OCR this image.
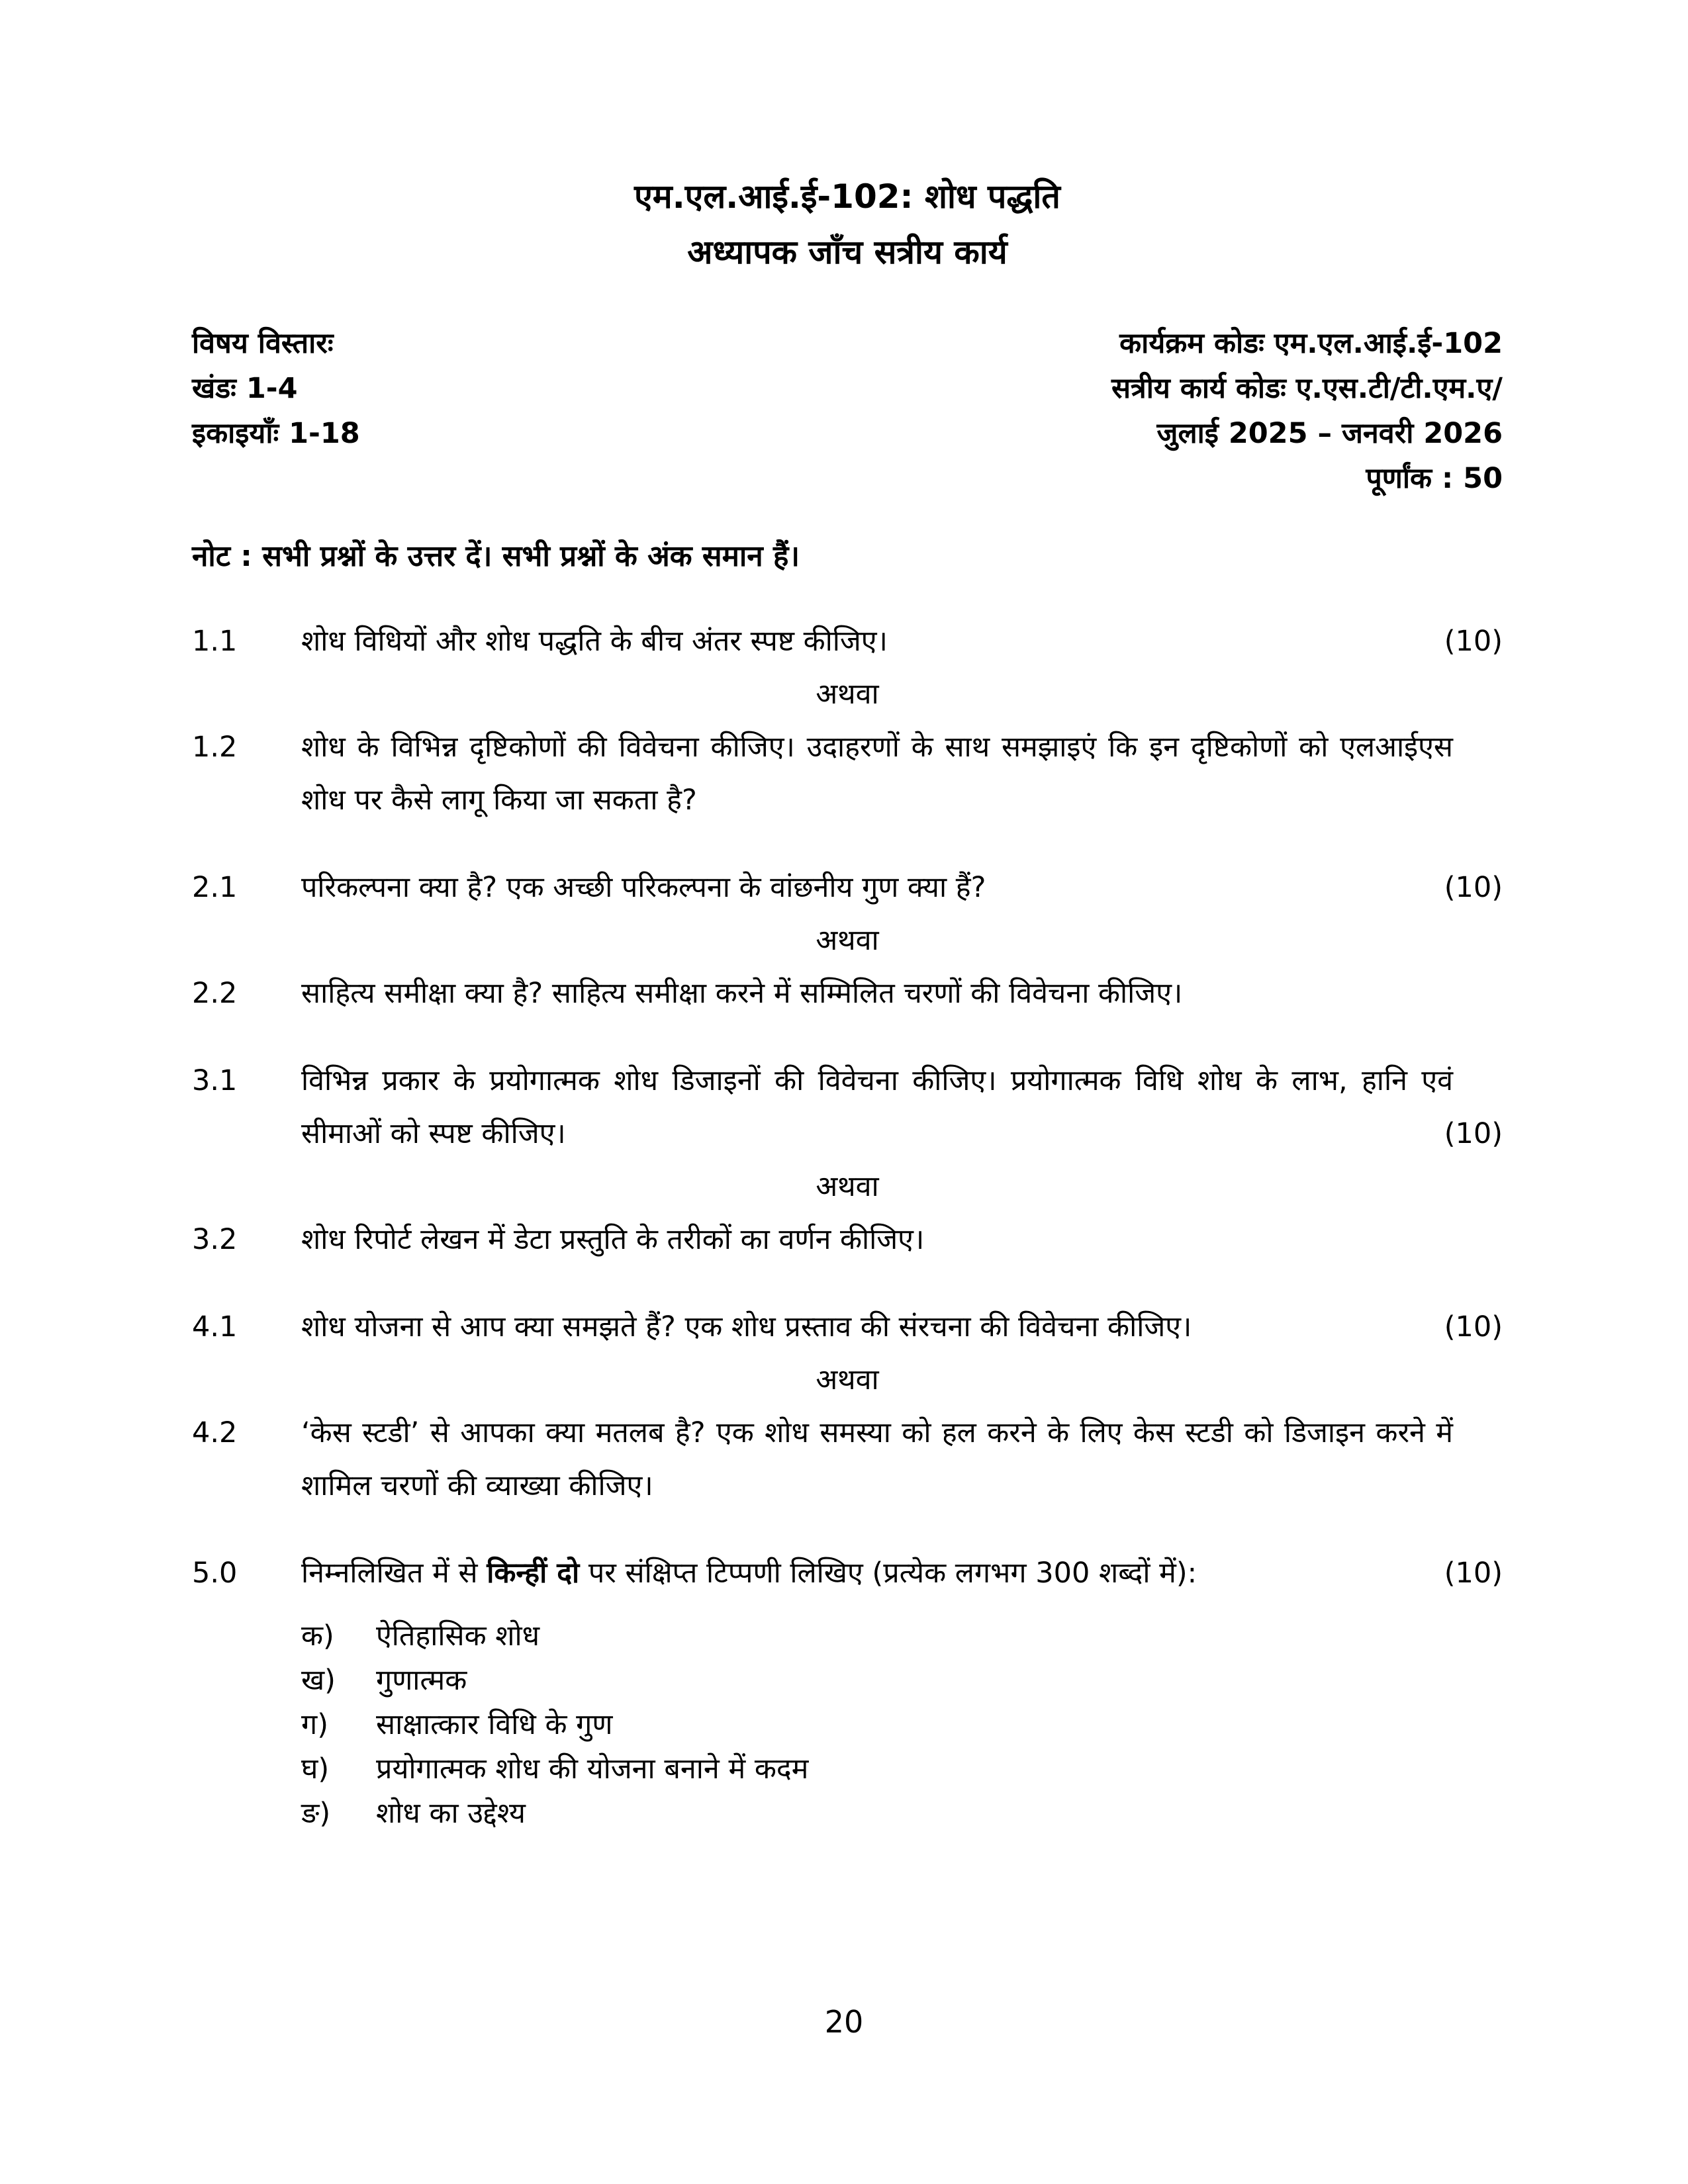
एम.एल.आई.ई-102: शोध पद्धति
अध्यापक जाँच सत्रीय कार्य
विषय विस्तारः	कार्यक्रम कोडः एम.एल.आई.ई-102
खंडः 1-4	सत्रीय कार्य कोडः ए.एस.टी/टी.एम.ए/
इकाइयाँः 1-18	जुलाई 2025 – जनवरी 2026
पूर्णांक : 50
नोट : सभी प्रश्नों के उत्तर दें। सभी प्रश्नों के अंक समान हैं।
1.1	शोध विधियों और शोध पद्धति के बीच अंतर स्पष्ट कीजिए।	(10)
अथवा
1.2	शोध के विभिन्न दृष्टिकोणों की विवेचना कीजिए। उदाहरणों के साथ समझाइएं कि इन दृष्टिकोणों को एलआईएस शोध पर कैसे लागू किया जा सकता है?
2.1	परिकल्पना क्या है? एक अच्छी परिकल्पना के वांछनीय गुण क्या हैं?	(10)
अथवा
2.2	साहित्य समीक्षा क्या है? साहित्य समीक्षा करने में सम्मिलित चरणों की विवेचना कीजिए।
3.1	विभिन्न प्रकार के प्रयोगात्मक शोध डिजाइनों की विवेचना कीजिए। प्रयोगात्मक विधि शोध के लाभ, हानि एवं सीमाओं को स्पष्ट कीजिए।	(10)
अथवा
3.2	शोध रिपोर्ट लेखन में डेटा प्रस्तुति के तरीकों का वर्णन कीजिए।
4.1	शोध योजना से आप क्या समझते हैं? एक शोध प्रस्ताव की संरचना की विवेचना कीजिए।	(10)
अथवा
4.2	‘केस स्टडी’ से आपका क्या मतलब है? एक शोध समस्या को हल करने के लिए केस स्टडी को डिजाइन करने में शामिल चरणों की व्याख्या कीजिए।
5.0	निम्नलिखित में से किन्हीं दो पर संक्षिप्त टिप्पणी लिखिए (प्रत्येक लगभग 300 शब्दों में):	(10)
क)	ऐतिहासिक शोध
ख)	गुणात्मक
ग)	साक्षात्कार विधि के गुण
घ)	प्रयोगात्मक शोध की योजना बनाने में कदम
ङ)	शोध का उद्देश्य
20
